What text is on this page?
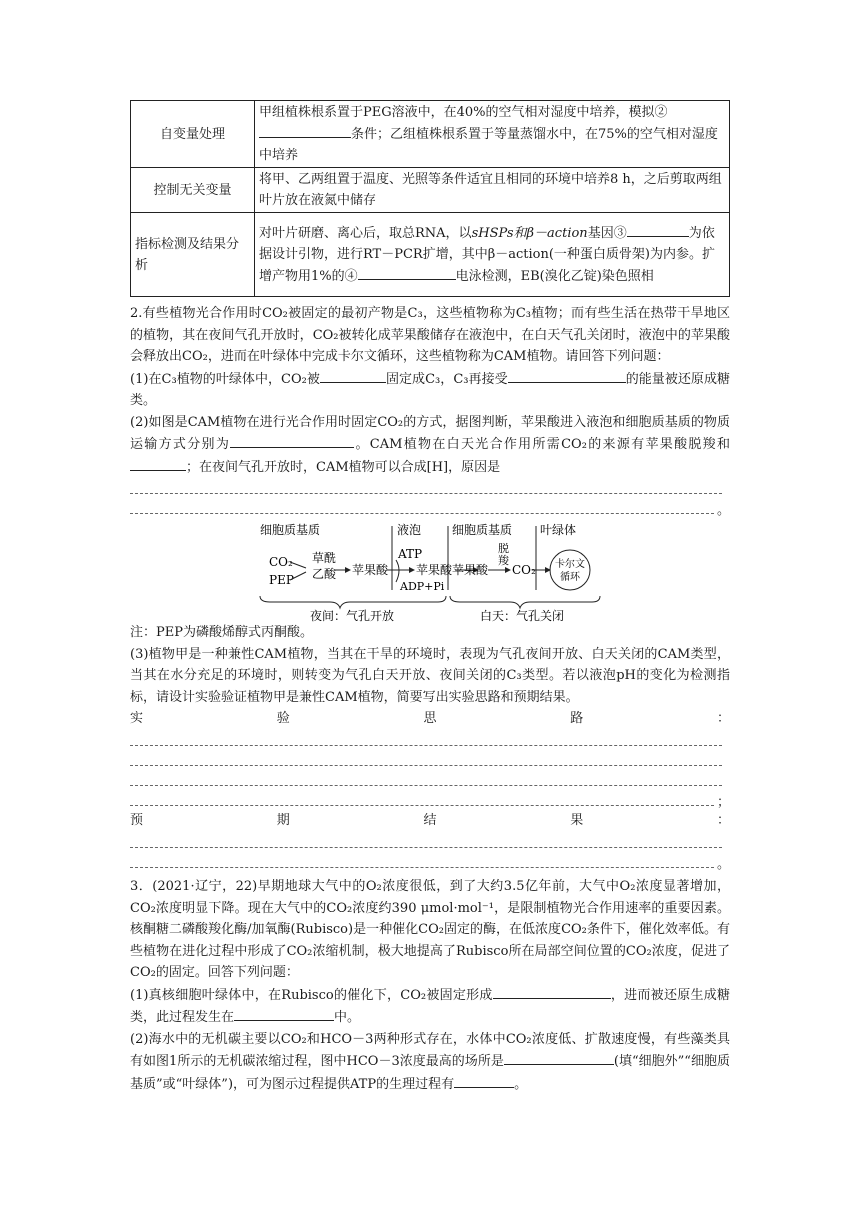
自变量处理	甲组植株根系置于PEG溶液中，在40%的空气相对湿度中培养，模拟②条件；乙组植株根系置于等量蒸馏水中，在75%的空气相对湿度中培养
控制无关变量	将甲、乙两组置于温度、光照等条件适宜且相同的环境中培养8 h，之后剪取两组叶片放在液氮中储存
指标检测及结果分析	对叶片研磨、离心后，取总RNA，以sHSPs和β－action基因③ 为依据设计引物，进行RT－PCR扩增，其中β－action(一种蛋白质骨架)为内参。扩增产物用1%的④ 电泳检测，EB(溴化乙锭)染色照相

2.有些植物光合作用时CO₂被固定的最初产物是C₃，这些植物称为C₃植物；而有些生活在热带干旱地区的植物，其在夜间气孔开放时，CO₂被转化成苹果酸储存在液泡中，在白天气孔关闭时，液泡中的苹果酸会释放出CO₂，进而在叶绿体中完成卡尔文循环，这些植物称为CAM植物。请回答下列问题：

(1)在C₃植物的叶绿体中，CO₂被	固定成C₃，C₃再接受	的能量被还原成糖类。

(2)如图是CAM植物在进行光合作用时固定CO₂的方式，据图判断，苹果酸进入液泡和细胞质基质的物质运输方式分别为	。CAM植物在白天光合作用所需CO₂的来源有苹果酸脱羧和；在夜间气孔开放时，CAM植物可以合成[H]，原因是

。
细胞质基质	液泡	细胞质基质 叶绿体
CO₂
PEP
草酰
乙酸 苹果酸
ATP
苹果酸
ADP+Pi
苹果酸
脱
羧
CO₂ 卡尔文
循环
夜间：气孔开放	白天：气孔关闭

注：PEP为磷酸烯醇式丙酮酸。

(3)植物甲是一种兼性CAM植物，当其在干旱的环境时，表现为气孔夜间开放、白天关闭的CAM类型，当其在水分充足的环境时，则转变为气孔白天开放、夜间关闭的C₃类型。若以液泡pH的变化为检测指标，请设计实验验证植物甲是兼性CAM植物，简要写出实验思路和预期结果。

实	验	思	路	：
；
预	期	结	果	：
。

3．(2021·辽宁，22)早期地球大气中的O₂浓度很低，到了大约3.5亿年前，大气中O₂浓度显著增加，CO₂浓度明显下降。现在大气中的CO₂浓度约390 μmol·mol⁻¹，是限制植物光合作用速率的重要因素。核酮糖二磷酸羧化酶/加氧酶(Rubisco)是一种催化CO₂固定的酶，在低浓度CO₂条件下，催化效率低。有些植物在进化过程中形成了CO₂浓缩机制，极大地提高了Rubisco所在局部空间位置的CO₂浓度，促进了CO₂的固定。回答下列问题：

(1)真核细胞叶绿体中，在Rubisco的催化下，CO₂被固定形成	，进而被还原生成糖类，此过程发生在	中。

(2)海水中的无机碳主要以CO₂和HCO－3两种形式存在，水体中CO₂浓度低、扩散速度慢，有些藻类具有如图1所示的无机碳浓缩过程，图中HCO－3浓度最高的场所是	(填“细胞外”“细胞质基质”或“叶绿体”)，可为图示过程提供ATP的生理过程有	。
